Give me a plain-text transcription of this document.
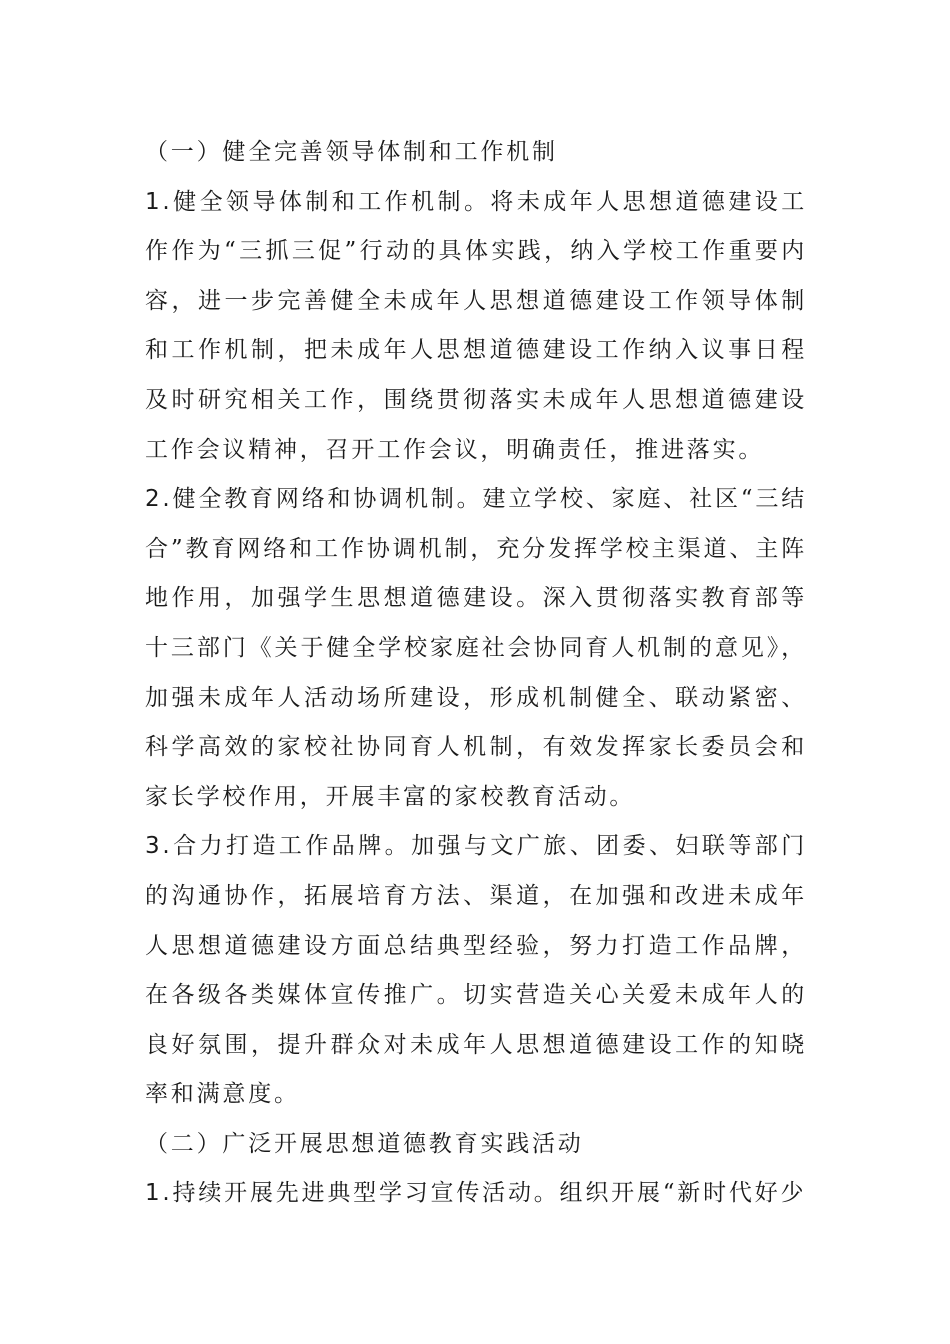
（一）健全完善领导体制和工作机制

1.健全领导体制和工作机制。将未成年人思想道德建设工作作为“三抓三促”行动的具体实践，纳入学校工作重要内容，进一步完善健全未成年人思想道德建设工作领导体制和工作机制，把未成年人思想道德建设工作纳入议事日程及时研究相关工作，围绕贯彻落实未成年人思想道德建设工作会议精神，召开工作会议，明确责任，推进落实。

2.健全教育网络和协调机制。建立学校、家庭、社区“三结合”教育网络和工作协调机制，充分发挥学校主渠道、主阵地作用，加强学生思想道德建设。深入贯彻落实教育部等十三部门《关于健全学校家庭社会协同育人机制的意见》，加强未成年人活动场所建设，形成机制健全、联动紧密、科学高效的家校社协同育人机制，有效发挥家长委员会和家长学校作用，开展丰富的家校教育活动。

3.合力打造工作品牌。加强与文广旅、团委、妇联等部门的沟通协作，拓展培育方法、渠道，在加强和改进未成年人思想道德建设方面总结典型经验，努力打造工作品牌，在各级各类媒体宣传推广。切实营造关心关爱未成年人的良好氛围，提升群众对未成年人思想道德建设工作的知晓率和满意度。

（二）广泛开展思想道德教育实践活动

1.持续开展先进典型学习宣传活动。组织开展“新时代好少
